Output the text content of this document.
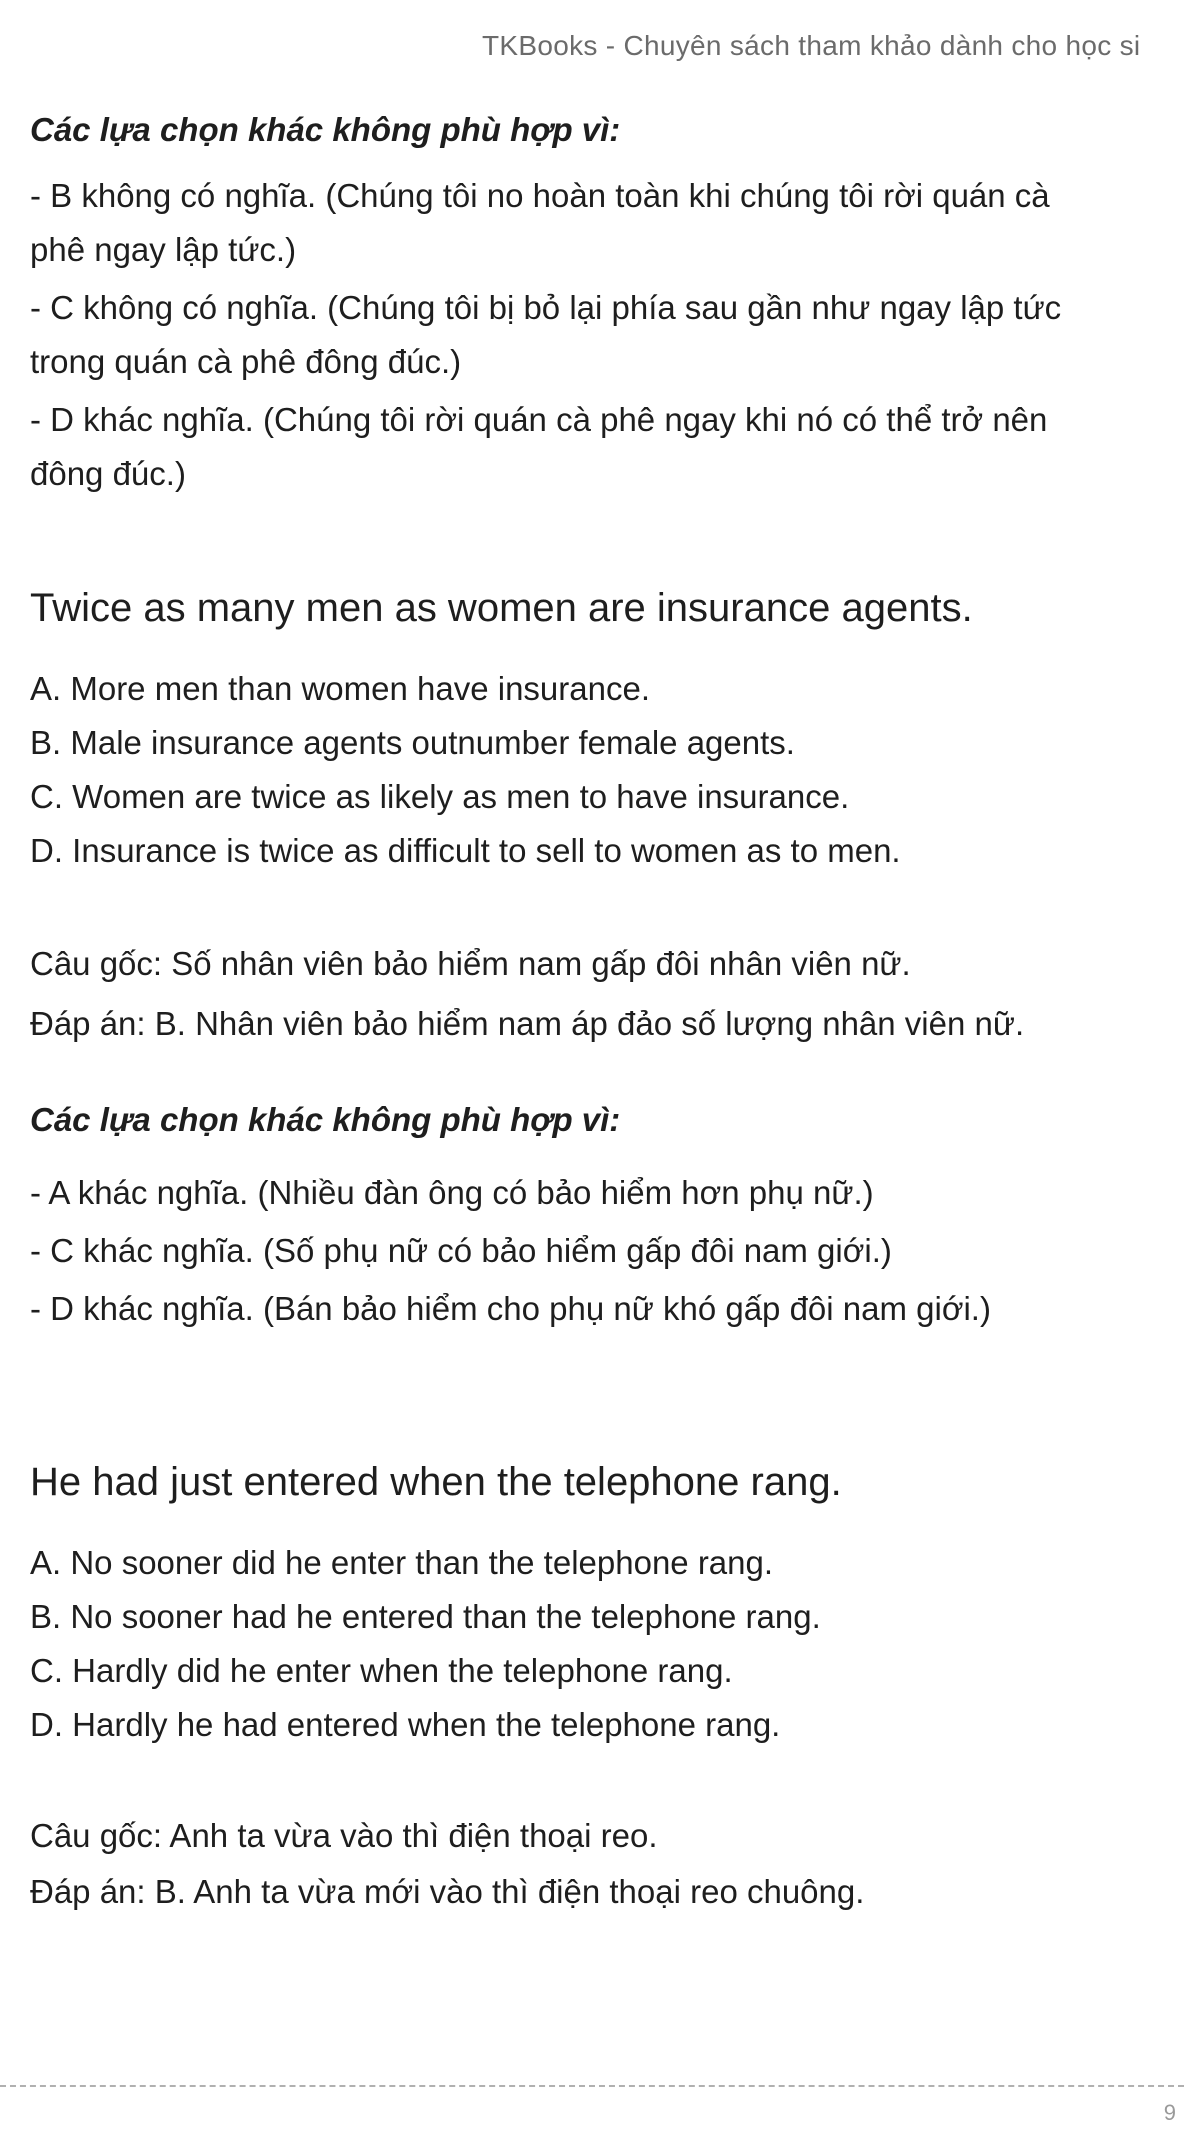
TKBooks - Chuyên sách tham khảo dành cho học si
Các lựa chọn khác không phù hợp vì:
- B không có nghĩa. (Chúng tôi no hoàn toàn khi chúng tôi rời quán cà
phê ngay lập tức.)
- C không có nghĩa. (Chúng tôi bị bỏ lại phía sau gần như ngay lập tức
trong quán cà phê đông đúc.)
- D khác nghĩa. (Chúng tôi rời quán cà phê ngay khi nó có thể trở nên
đông đúc.)
Twice as many men as women are insurance agents.
A. More men than women have insurance.
B. Male insurance agents outnumber female agents.
C. Women are twice as likely as men to have insurance.
D. Insurance is twice as difficult to sell to women as to men.
Câu gốc: Số nhân viên bảo hiểm nam gấp đôi nhân viên nữ.
Đáp án: B. Nhân viên bảo hiểm nam áp đảo số lượng nhân viên nữ.
Các lựa chọn khác không phù hợp vì:
- A khác nghĩa. (Nhiều đàn ông có bảo hiểm hơn phụ nữ.)
- C khác nghĩa. (Số phụ nữ có bảo hiểm gấp đôi nam giới.)
- D khác nghĩa. (Bán bảo hiểm cho phụ nữ khó gấp đôi nam giới.)
He had just entered when the telephone rang.
A. No sooner did he enter than the telephone rang.
B. No sooner had he entered than the telephone rang.
C. Hardly did he enter when the telephone rang.
D. Hardly he had entered when the telephone rang.
Câu gốc: Anh ta vừa vào thì điện thoại reo.
Đáp án: B. Anh ta vừa mới vào thì điện thoại reo chuông.
9
